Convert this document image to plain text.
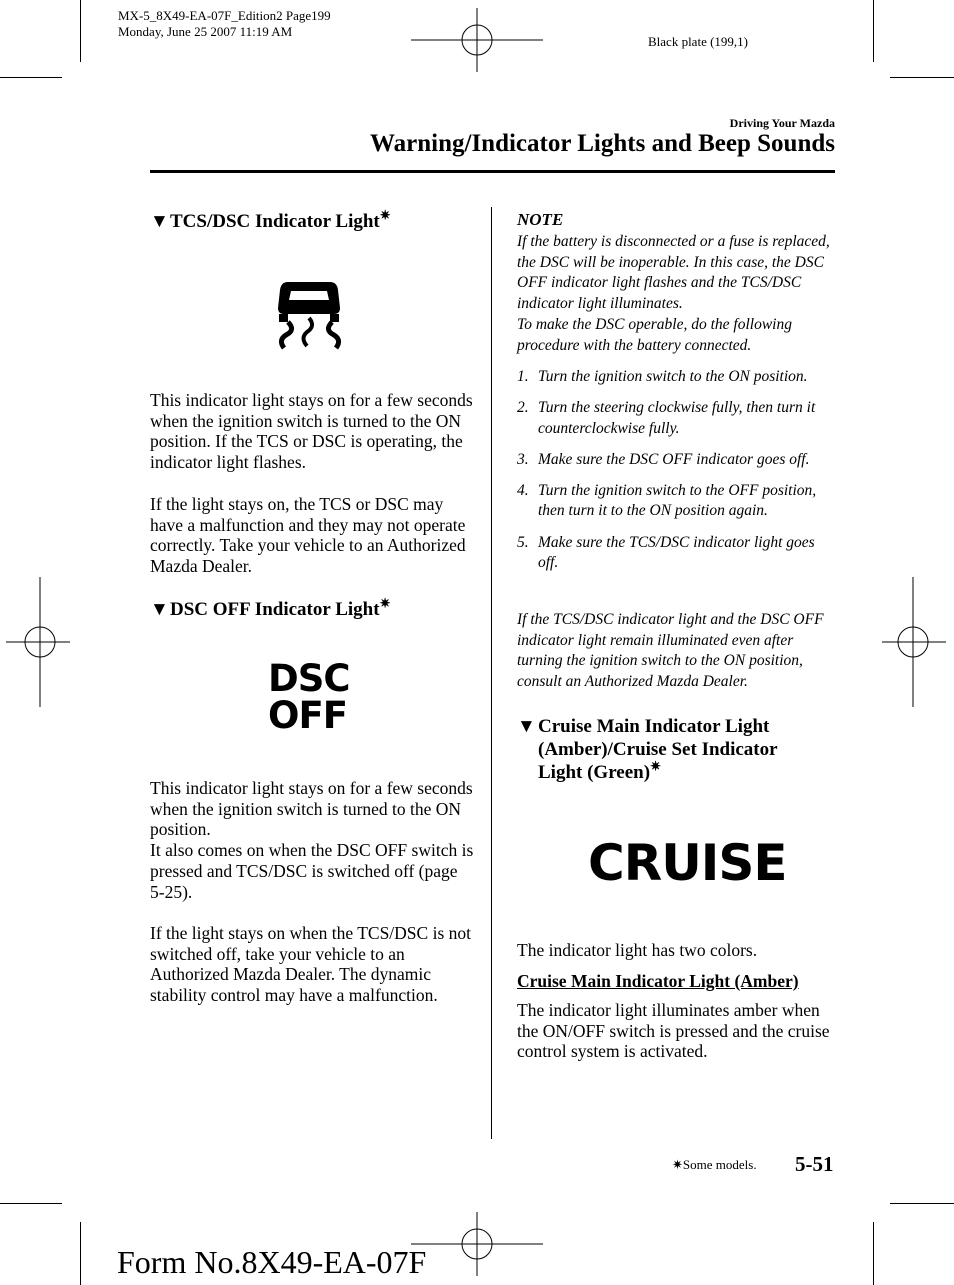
MX-5_8X49-EA-07F_Edition2 Page199
Monday, June 25 2007 11:19 AM
Black plate (199,1)
Driving Your Mazda
Warning/Indicator Lights and Beep Sounds
▼TCS/DSC Indicator Light✷
This indicator light stays on for a few seconds when the ignition switch is turned to the ON position. If the TCS or DSC is operating, the indicator light flashes.
If the light stays on, the TCS or DSC may have a malfunction and they may not operate correctly. Take your vehicle to an Authorized Mazda Dealer.
▼DSC OFF Indicator Light✷
DSC
OFF
This indicator light stays on for a few seconds when the ignition switch is turned to the ON position.
It also comes on when the DSC OFF switch is pressed and TCS/DSC is switched off (page 5-25).
If the light stays on when the TCS/DSC is not switched off, take your vehicle to an Authorized Mazda Dealer. The dynamic stability control may have a malfunction.
NOTE
If the battery is disconnected or a fuse is replaced, the DSC will be inoperable. In this case, the DSC OFF indicator light flashes and the TCS/DSC indicator light illuminates.
To make the DSC operable, do the following procedure with the battery connected.
1. Turn the ignition switch to the ON position.
2. Turn the steering clockwise fully, then turn it counterclockwise fully.
3. Make sure the DSC OFF indicator goes off.
4. Turn the ignition switch to the OFF position, then turn it to the ON position again.
5. Make sure the TCS/DSC indicator light goes off.
If the TCS/DSC indicator light and the DSC OFF indicator light remain illuminated even after turning the ignition switch to the ON position, consult an Authorized Mazda Dealer.
▼ Cruise Main Indicator Light (Amber)/Cruise Set Indicator Light (Green)✷
CRUISE
The indicator light has two colors.
Cruise Main Indicator Light (Amber)
The indicator light illuminates amber when the ON/OFF switch is pressed and the cruise control system is activated.
✷Some models. 5-51
Form No.8X49-EA-07F
